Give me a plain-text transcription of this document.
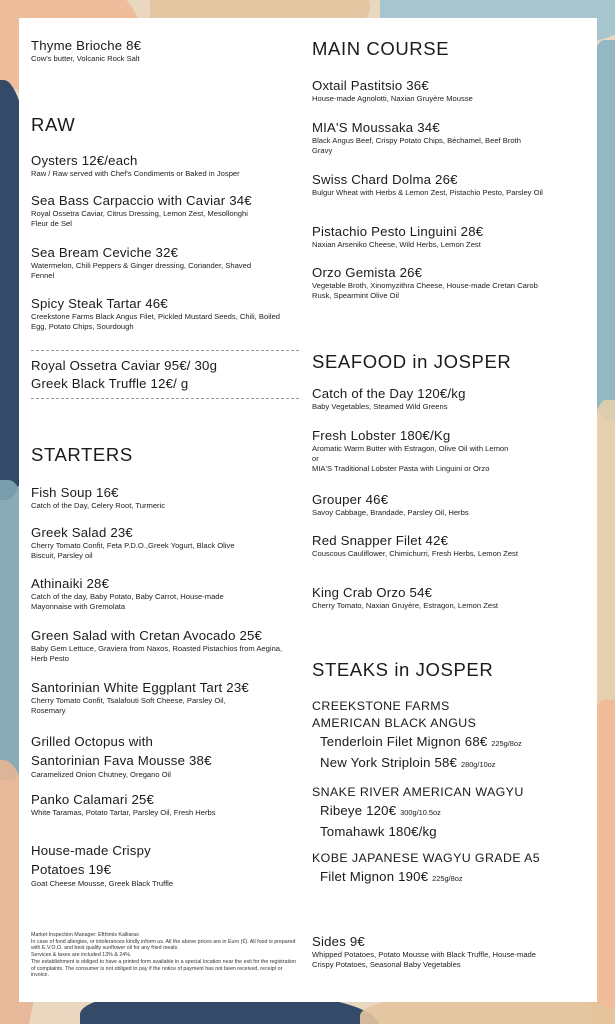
Thyme Brioche 8€
Cow's butter, Volcanic Rock Salt
RAW
Oysters 12€/each
Raw / Raw served with Chef's Condiments or Baked in Josper
Sea Bass Carpaccio with Caviar 34€
Royal Ossetra Caviar, Citrus Dressing, Lemon Zest, Mesollonghi Fleur de Sel
Sea Bream Ceviche 32€
Watermelon, Chili Peppers & Ginger dressing, Coriander, Shaved Fennel
Spicy Steak Tartar 46€
Creekstone Farms Black Angus Filet, Pickled Mustard Seeds, Chili, Boiled Egg, Potato Chips, Sourdough
Royal Ossetra Caviar 95€/ 30g
Greek Black Truffle 12€/ g
STARTERS
Fish Soup 16€
Catch of the Day, Celery Root, Turmeric
Greek Salad 23€
Cherry Tomato Confit, Feta P.D.O.,Greek Yogurt, Black Olive Biscuit, Parsley oil
Athinaiki 28€
Catch of the day, Baby Potato, Baby Carrot, House-made Mayonnaise with Gremolata
Green Salad with Cretan Avocado 25€
Baby Gem Lettuce, Graviera from Naxos, Roasted Pistachios from Aegina, Herb Pesto
Santorinian White Eggplant Tart 23€
Cherry Tomato Confit, Tsalafouti Soft Cheese, Parsley Oil, Rosemary
Grilled Octopus with
Santorinian Fava Mousse 38€
Caramelized Onion Chutney, Oregano Oil
Panko Calamari 25€
White Taramas, Potato Tartar, Parsley Oil, Fresh Herbs
House-made Crispy
Potatoes 19€
Goat Cheese Mousse, Greek Black Truffle
Market Inspection Manager: Efthimis Kalliaras
In case of food allergies, or intolerances kindly inform us. All the above prices are in Euro (€). All food is prepared with E.V.O.O. and best quality sunflower oil for any fried meals.
Services & taxes are included 13% & 24%.
The establishment is obliged to have a printed form available in a special location near the exit for the registration of complaints. The consumer is not obliged to pay if the notice of payment has not been received, receipt or invoice.
MAIN COURSE
Oxtail Pastitsio 36€
House-made Agnolotti, Naxian Gruyère Mousse
MIA'S Moussaka 34€
Black Angus Beef, Crispy Potato Chips, Béchamel, Beef Broth Gravy
Swiss Chard Dolma 26€
Bulgur Wheat with Herbs & Lemon Zest, Pistachio Pesto, Parsley Oil
Pistachio Pesto Linguini 28€
Naxian Arseniko Cheese, Wild Herbs, Lemon Zest
Orzo Gemista 26€
Vegetable Broth, Xinomyzithra Cheese, House-made Cretan Carob Rusk, Spearmint Olive Oil
SEAFOOD in JOSPER
Catch of the Day 120€/kg
Baby Vegetables, Steamed Wild Greens
Fresh Lobster 180€/Kg
Aromatic Warm Butter with Estragon, Olive Oil with Lemon
or
MIA'S Traditional Lobster Pasta with Linguini or Orzo
Grouper 46€
Savoy Cabbage, Brandade, Parsley Oil, Herbs
Red Snapper Filet 42€
Couscous Cauliflower, Chimichurri, Fresh Herbs, Lemon Zest
King Crab Orzo 54€
Cherry Tomato, Naxian Gruyère, Estragon, Lemon Zest
STEAKS in JOSPER
CREEKSTONE FARMS
AMERICAN BLACK ANGUS
Tenderloin Filet Mignon 68€ 225g/8oz
New York Striploin 58€ 280g/10oz
SNAKE RIVER AMERICAN WAGYU
Ribeye 120€ 300g/10.5oz
Tomahawk 180€/kg
KOBE JAPANESE WAGYU GRADE A5
Filet Mignon 190€ 225g/8oz
Sides 9€
Whipped Potatoes, Potato Mousse with Black Truffle, House-made Crispy Potatoes, Seasonal Baby Vegetables
